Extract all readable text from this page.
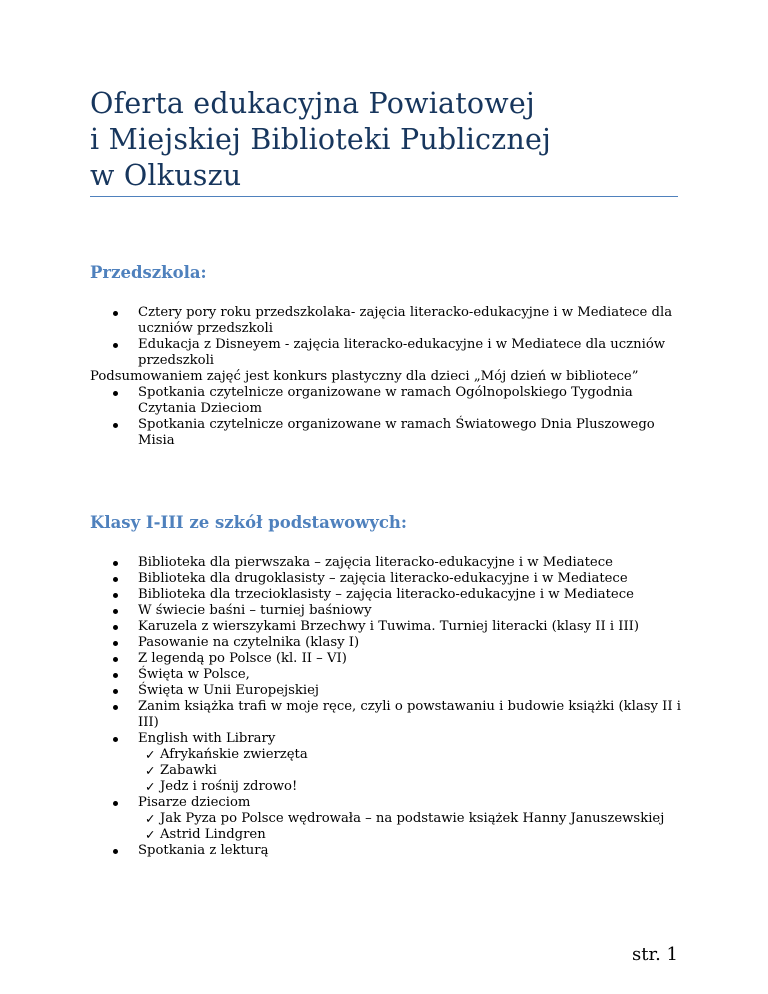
Oferta edukacyjna Powiatowej
i Miejskiej Biblioteki Publicznej
w Olkuszu
Przedszkola:
Cztery pory roku przedszkolaka- zajęcia literacko-edukacyjne i w Mediatece dla uczniów przedszkoli
Edukacja z Disneyem - zajęcia literacko-edukacyjne i w Mediatece dla uczniów przedszkoli
Podsumowaniem zajęć jest konkurs plastyczny dla dzieci „Mój dzień w bibliotece”
Spotkania czytelnicze organizowane w ramach Ogólnopolskiego Tygodnia Czytania Dzieciom
Spotkania czytelnicze organizowane w ramach Światowego Dnia Pluszowego Misia
Klasy I-III ze szkół podstawowych:
Biblioteka dla pierwszaka – zajęcia literacko-edukacyjne i w Mediatece
Biblioteka dla drugoklasisty – zajęcia literacko-edukacyjne i w Mediatece
Biblioteka dla trzecioklasisty – zajęcia literacko-edukacyjne i w Mediatece
W świecie baśni – turniej baśniowy
Karuzela z wierszykami Brzechwy i Tuwima. Turniej literacki (klasy II i III)
Pasowanie na czytelnika (klasy I)
Z legendą po Polsce (kl. II – VI)
Święta w Polsce,
Święta w Unii Europejskiej
Zanim książka trafi w moje ręce, czyli o powstawaniu i budowie książki (klasy II i III)
English with Library
✓ Afrykańskie zwierzęta
✓ Zabawki
✓ Jedz i rośnij zdrowo!
Pisarze dzieciom
✓ Jak Pyza po Polsce wędrowała – na podstawie książek Hanny Januszewskiej
✓ Astrid Lindgren
Spotkania z lekturą
str. 1
